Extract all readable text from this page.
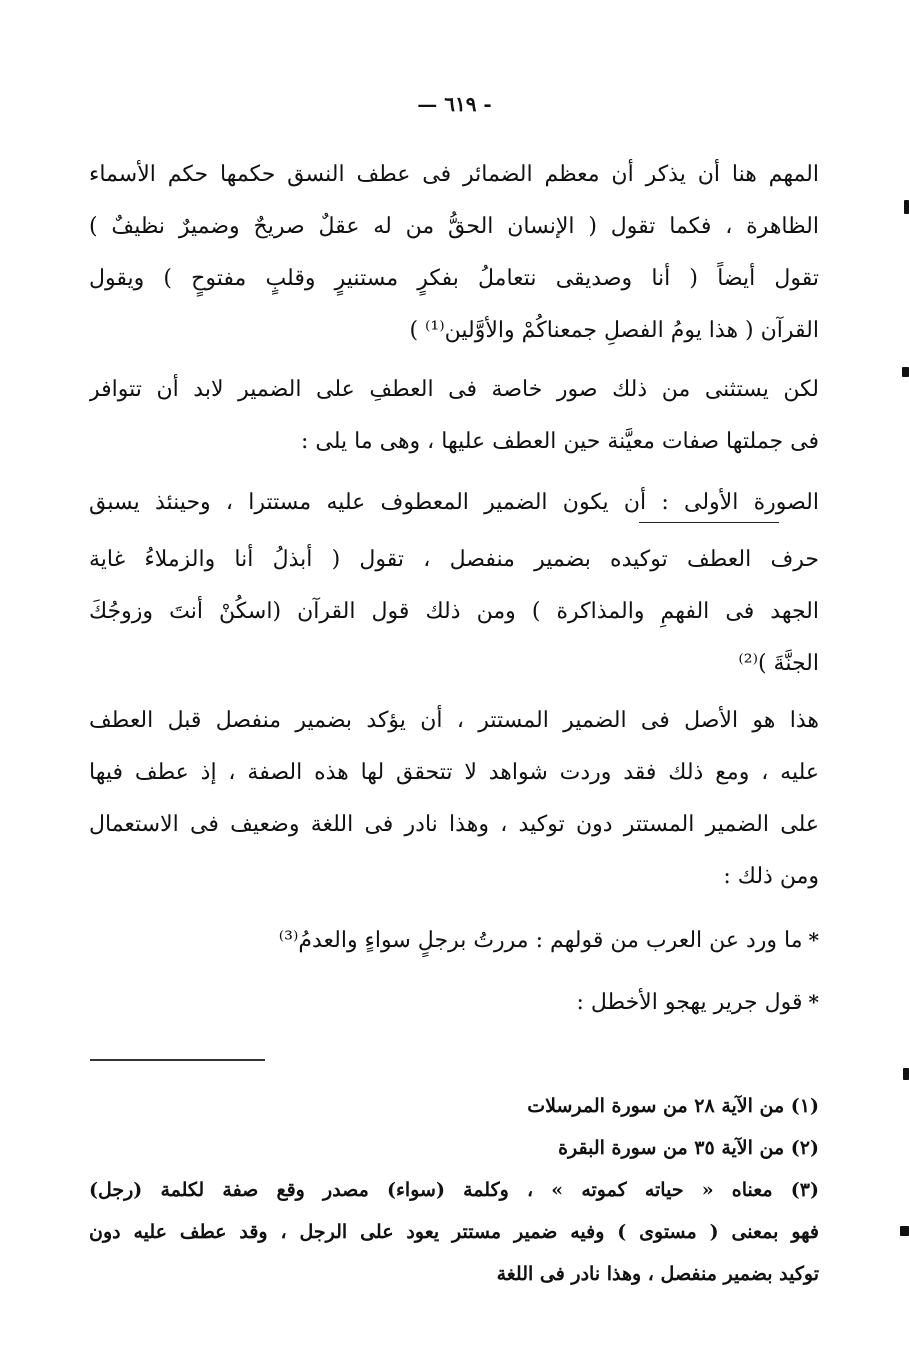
- ٦١٩ —
المهم هنا أن يذكر أن معظم الضمائر فى عطف النسق حكمها حكم الأسماء
الظاهرة ، فكما تقول ( الإنسان الحقُّ من له عقلٌ صريحٌ وضميرٌ نظيفٌ )
تقول أيضاً ( أنا وصديقى نتعاملُ بفكرٍ مستنيرٍ وقلبٍ مفتوحٍ ) ويقول
القرآن ( هذا يومُ الفصلِ جمعناكُمْ والأوَّلين⁽¹⁾ )
لكن يستثنى من ذلك صور خاصة فى العطفِ على الضمير لابد أن تتوافر
فى جملتها صفات معيَّنة حين العطف عليها ، وهى ما يلى :
الصورة الأولى : أن يكون الضمير المعطوف عليه مستترا ، وحينئذ يسبق
حرف العطف توكيده بضمير منفصل ، تقول ( أبذلُ أنا والزملاءُ غاية
الجهد فى الفهمِ والمذاكرة ) ومن ذلك قول القرآن (اسكُنْ أنتَ وزوجُكَ
الجنَّةَ )⁽²⁾
هذا هو الأصل فى الضمير المستتر ، أن يؤكد بضمير منفصل قبل العطف
عليه ، ومع ذلك فقد وردت شواهد لا تتحقق لها هذه الصفة ، إذ عطف فيها
على الضمير المستتر دون توكيد ، وهذا نادر فى اللغة وضعيف فى الاستعمال
ومن ذلك :
*ما ورد عن العرب من قولهم : مررتُ برجلٍ سواءٍ والعدمُ⁽³⁾
*قول جرير يهجو الأخطل :
(١) من الآية ٢٨ من سورة المرسلات
(٢) من الآية ٣٥ من سورة البقرة
(٣) معناه « حياته كموته » ، وكلمة (سواء) مصدر وقع صفة لكلمة (رجل)
فهو بمعنى ( مستوى ) وفيه ضمير مستتر يعود على الرجل ، وقد عطف عليه دون
توكيد بضمير منفصل ، وهذا نادر فى اللغة
